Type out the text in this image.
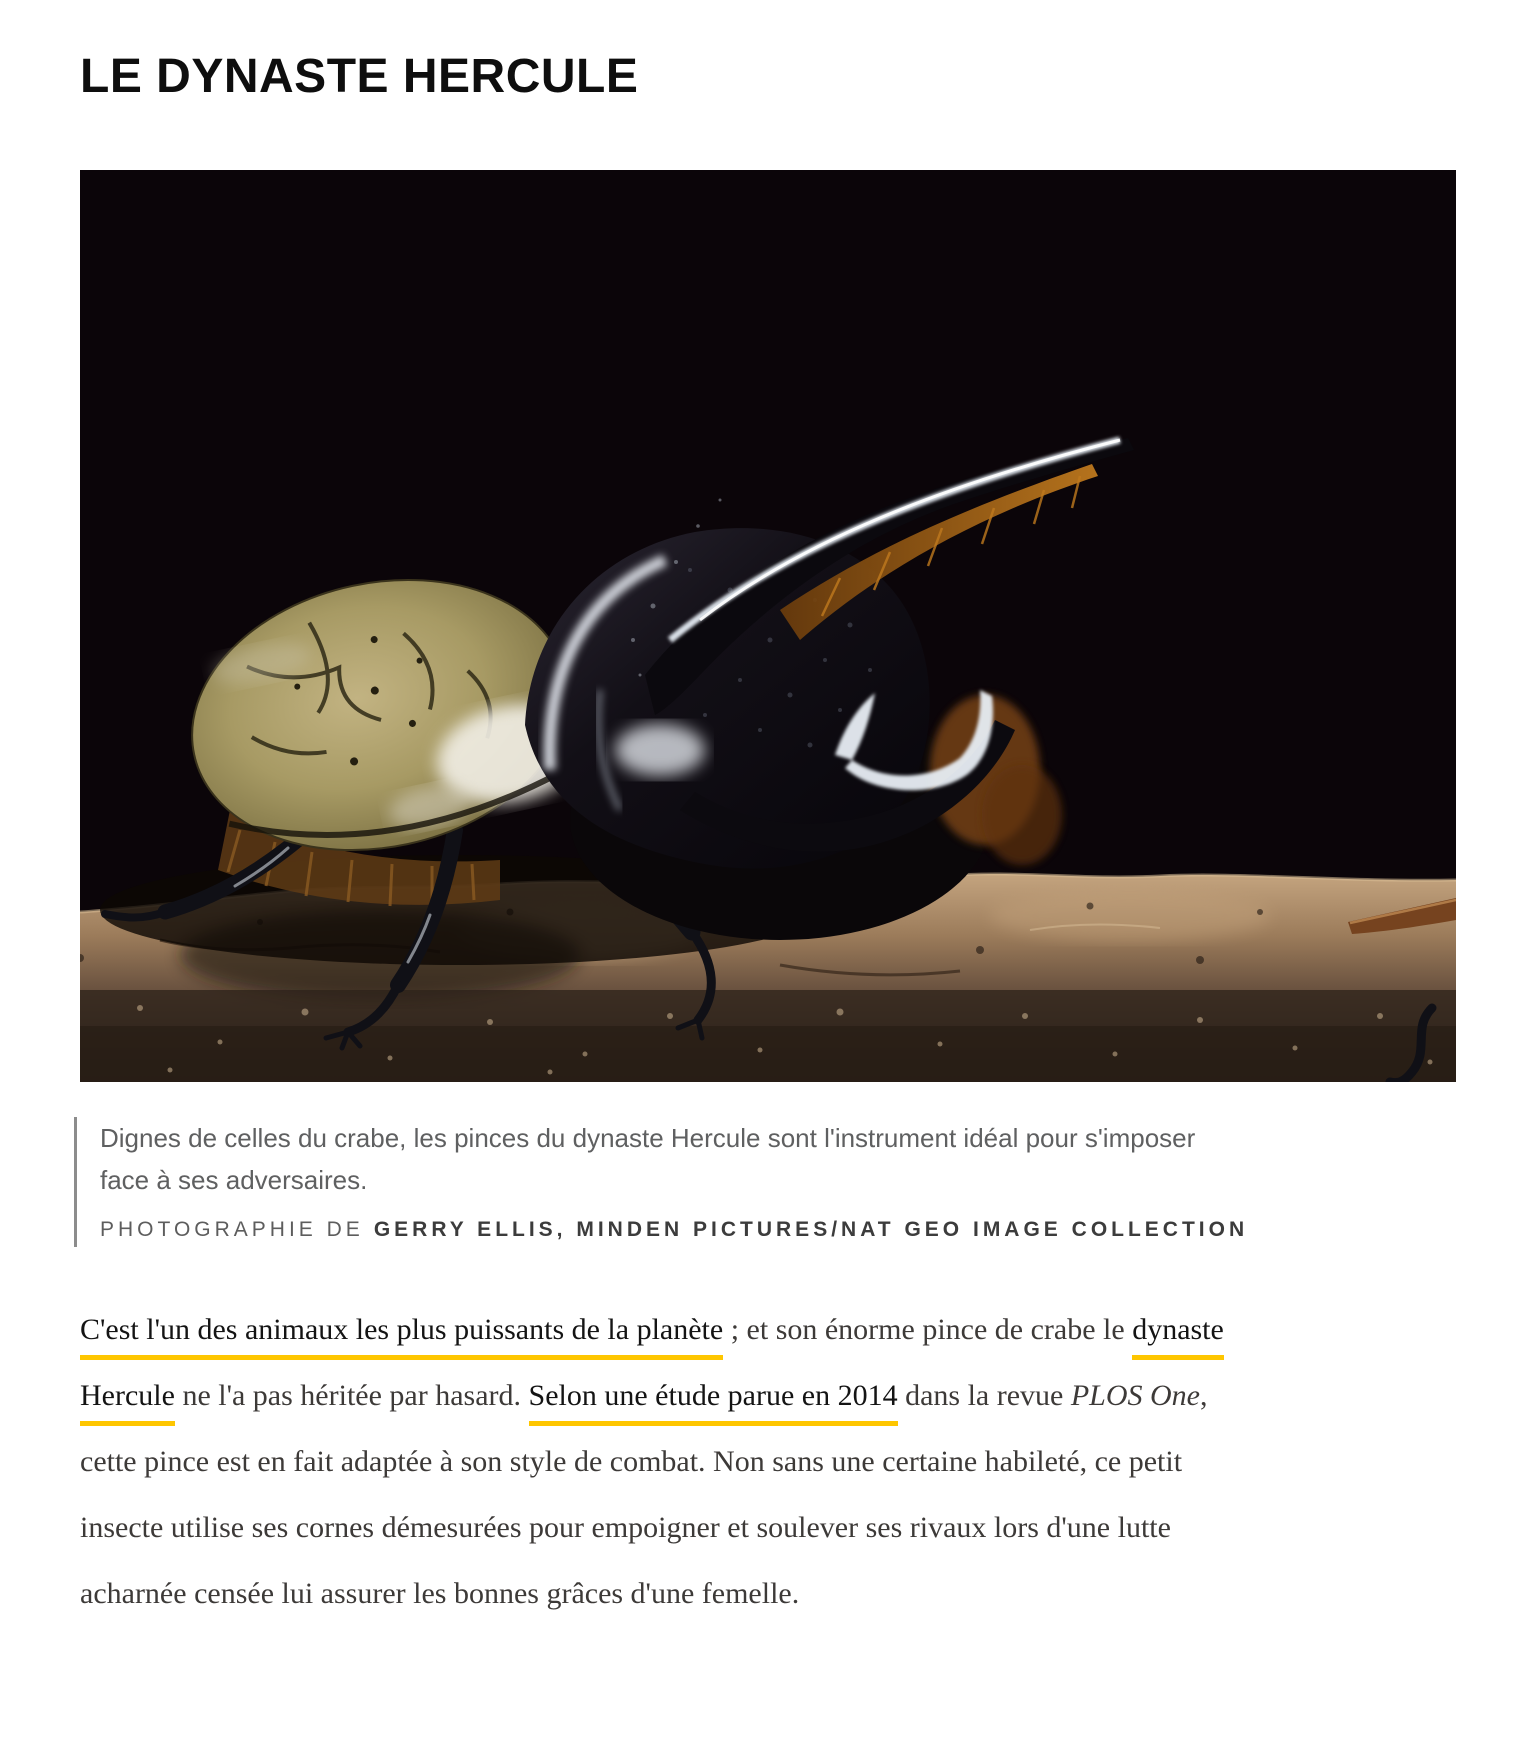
LE DYNASTE HERCULE

Dignes de celles du crabe, les pinces du dynaste Hercule sont l'instrument idéal pour s'imposer face à ses adversaires.

PHOTOGRAPHIE DE GERRY ELLIS, MINDEN PICTURES/NAT GEO IMAGE COLLECTION

C'est l'un des animaux les plus puissants de la planète ; et son énorme pince de crabe le dynaste Hercule ne l'a pas héritée par hasard. Selon une étude parue en 2014 dans la revue PLOS One, cette pince est en fait adaptée à son style de combat. Non sans une certaine habileté, ce petit insecte utilise ses cornes démesurées pour empoigner et soulever ses rivaux lors d'une lutte acharnée censée lui assurer les bonnes grâces d'une femelle.
